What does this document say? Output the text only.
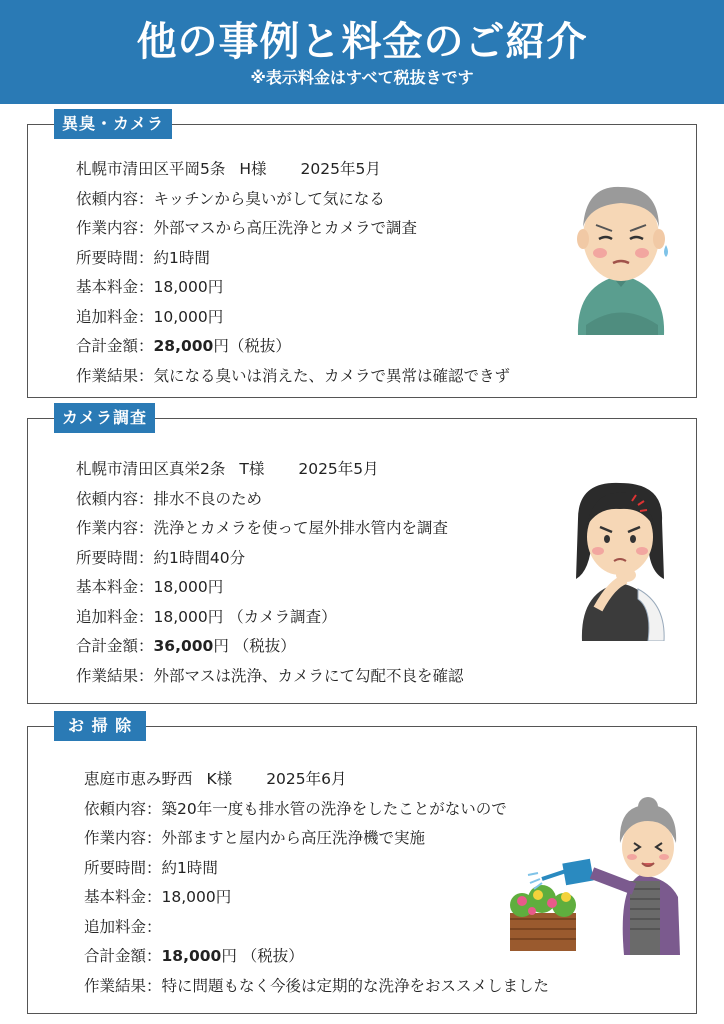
他の事例と料金のご紹介
※表示料金はすべて税抜きです
異臭・カメラ
札幌市清田区平岡5条 H様 2025年5月
依頼内容：キッチンから臭いがして気になる
作業内容：外部マスから高圧洗浄とカメラで調査
所要時間：約1時間
基本料金：18,000円
追加料金：10,000円
合計金額：28,000円（税抜）
作業結果：気になる臭いは消えた、カメラで異常は確認できず
カメラ調査
札幌市清田区真栄2条 T様 2025年5月
依頼内容：排水不良のため
作業内容：洗浄とカメラを使って屋外排水管内を調査
所要時間：約1時間40分
基本料金：18,000円
追加料金：18,000円 （カメラ調査）
合計金額：36,000円 （税抜）
作業結果：外部マスは洗浄、カメラにて勾配不良を確認
お 掃 除
恵庭市恵み野西 K様 2025年6月
依頼内容：築20年一度も排水管の洗浄をしたことがないので
作業内容：外部ますと屋内から高圧洗浄機で実施
所要時間：約1時間
基本料金：18,000円
追加料金：
合計金額：18,000円 （税抜）
作業結果：特に問題もなく今後は定期的な洗浄をおススメしました
